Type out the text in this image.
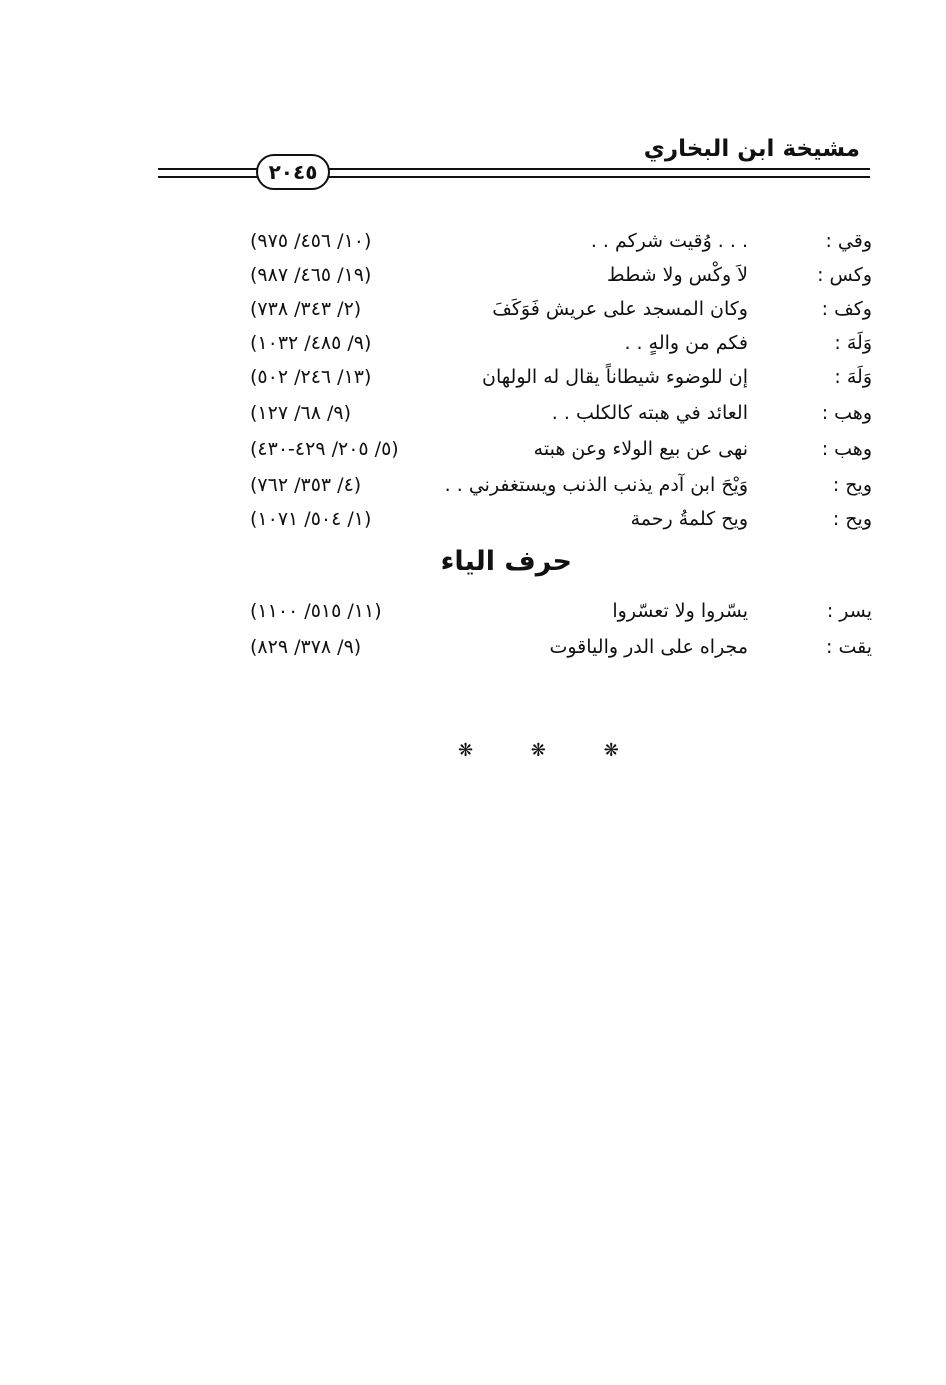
مشيخة ابن البخاري
٢٠٤٥
وقي :
. . . وُقيت شركم . .
(١٠/ ٤٥٦/ ٩٧٥)
وكس :
لاَ وكْس ولا شطط
(١٩/ ٤٦٥/ ٩٨٧)
وكف :
وكان المسجد على عريش فَوَكَفَ
(٢/ ٣٤٣/ ٧٣٨)
وَلَهَ :
فكم من والهٍ . .
(٩/ ٤٨٥/ ١٠٣٢)
وَلَهَ :
إن للوضوء شيطاناً يقال له الولهان
(١٣/ ٢٤٦/ ٥٠٢)
وهب :
العائد في هبته كالكلب . .
(٩/ ٦٨/ ١٢٧)
وهب :
نهى عن بيع الولاء وعن هبته
(٥/ ٢٠٥/ ٤٢٩-٤٣٠)
ويح :
وَيْحَ ابن آدم يذنب الذنب ويستغفرني . .
(٤/ ٣٥٣/ ٧٦٢)
ويح :
ويح كلمةُ رحمة
(١/ ٥٠٤/ ١٠٧١)
حرف الياء
يسر :
يسّروا ولا تعسّروا
(١١/ ٥١٥/ ١١٠٠)
يقت :
مجراه على الدر والياقوت
(٩/ ٣٧٨/ ٨٢٩)
❋ ❋ ❋
